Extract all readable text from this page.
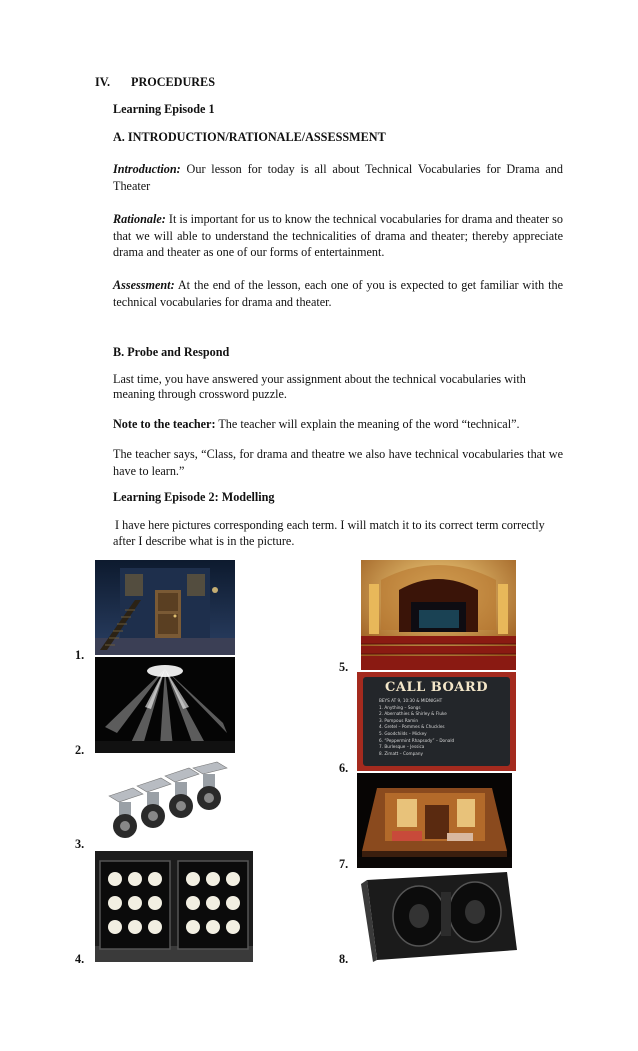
IV. PROCEDURES
Learning Episode 1
A. INTRODUCTION/RATIONALE/ASSESSMENT
Introduction: Our lesson for today is all about Technical Vocabularies for Drama and Theater
Rationale: It is important for us to know the technical vocabularies for drama and theater so that we will able to understand the technicalities of drama and theater; thereby appreciate drama and theater as one of our forms of entertainment.
Assessment: At the end of the lesson, each one of you is expected to get familiar with the technical vocabularies for drama and theater.
B. Probe and Respond
Last time, you have answered your assignment about the technical vocabularies with
meaning through crossword puzzle.
Note to the teacher: The teacher will explain the meaning of the word “technical”.
The teacher says, “Class, for drama and theatre we also have technical vocabularies that we have to learn.”
Learning Episode 2: Modelling
I have here pictures corresponding each term. I will match it to its correct term correctly
after I describe what is in the picture.
1.
2.
3.
4.
5.
6.
7.
8.
CALL BOARD
BEYS AT 9, 10:30 & MIDNIGHT
1. Anything – Songs
2. Abernathies & Shirley & Fluke
3. Pompous Ramin
4. Gretel – Pommes & Chuckles
5. Goodchilds – Mickey
6. “Peppermint Rhapsody” – Donald
7. Burlesque – Jessica
8. Zimatt – Company
